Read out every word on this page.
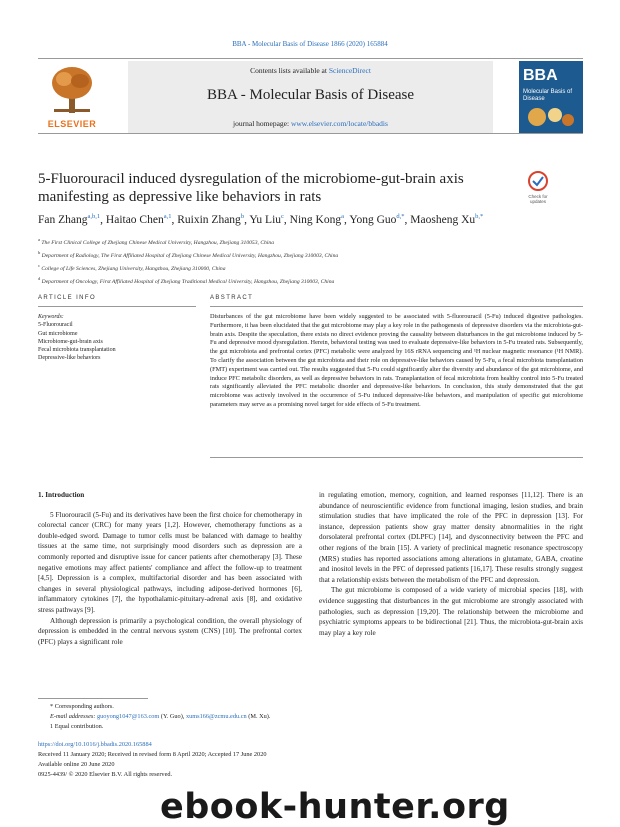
BBA - Molecular Basis of Disease 1866 (2020) 165884
ELSEVIER
Contents lists available at ScienceDirect
BBA - Molecular Basis of Disease
journal homepage: www.elsevier.com/locate/bbadis
BBA
Molecular Basis of Disease
5-Fluorouracil induced dysregulation of the microbiome-gut-brain axis manifesting as depressive like behaviors in rats	Check for
updates
Fan Zhang$^{a,b,1}$, Haitao Chen$^{a,1}$, Ruixin Zhang$^b$, Yu Liu$^c$, Ning Kong$^a$, Yong Guo$^{d,*}$, Maosheng $Xu^{b,*}$
$^a$ The First Clinical College of Zhejiang Chinese Medical University, Hangzhou, Zhejiang 310053, China
$^b$ Department of Radiology, The First Affiliated Hospital of Zhejiang Chinese Medical University, Hangzhou, Zhejiang 310003, China
$^c$ College of Life Sciences, Zhejiang University, Hangzhou, Zhejiang 310000, China
$^d$ Department of Oncology, First Affiliated Hospital of Zhejiang Traditional Medical University, Hangzhou, Zhejiang 310003, China
ARTICLE INFO	ABSTRACT
Keywords:
5-Fluorouracil
Gut microbiome
Microbiome-gut-brain axis
Fecal microbiota transplantation
Depressive-like behaviors
Disturbances of the gut microbiome have been widely suggested to be associated with 5-fluorouracil (5-Fu) induced digestive pathologies. Furthermore, it has been elucidated that the gut microbiome may play a key role in the pathogenesis of depressive disorders via the microbiota-gut-brain axis. Despite the speculation, there exists no direct evidence proving the causality between disturbances in the gut microbiome induced by 5-Fu and depressive mood dysregulation. Herein, behavioral testing was used to evaluate depressive-like behaviors in 5-Fu treated rats. Subsequently, the gut microbiota and prefrontal cortex (PFC) metabolic were analyzed by 16S rRNA sequencing and ¹H nuclear magnetic resonance (¹H NMR). To clarify the association between the gut microbiota and their role on depressive-like behaviors caused by 5-Fu, a fecal microbiota transplantation (FMT) experiment was carried out. The results suggested that 5-Fu could significantly alter the diversity and abundance of the gut microbiome, and induce PFC metabolic disorders, as well as depressive behaviors in rats. Transplantation of fecal microbiota from healthy control into 5-Fu treated rats significantly alleviated the PFC metabolic disorder and depressive-like behaviors. In conclusion, this study demonstrated that the gut microbiome was actively involved in the occurrence of 5-Fu induced depressive-like behaviors, and manipulation of specific gut microbiome parameters may serve as a promising novel target for side effects of 5-Fu treatment.
1. Introduction

5 Fluorouracil (5-Fu) and its derivatives have been the first choice for chemotherapy in colorectal cancer (CRC) for many years [1,2]. However, chemotherapy functions as a double-edged sword. Damage to tumor cells must be balanced with damage to healthy tissues at the same time, not surprisingly mood disorders such as depression are a commonly reported and disruptive issue for cancer patients after chemotherapy [3]. These negative emotions may affect patients' compliance and affect the follow-up to treatment [4,5]. Depression is a complex, multifactorial disorder and has been associated with changes in several physiological pathways, including adipose-derived hormones [6], inflammatory cytokines [7], the hypothalamic-pituitary-adrenal axis [8], and oxidative stress pathways [9].

Although depression is primarily a psychological condition, the overall physiology of depression is embedded in the central nervous system (CNS) [10]. The prefrontal cortex (PFC) plays a significant role

in regulating emotion, memory, cognition, and learned responses [11,12]. There is an abundance of neuroscientific evidence from functional imaging, lesion studies, and brain stimulation studies that have implicated the role of the PFC in depression [13]. For instance, depression patients show gray matter density abnormalities in the right dorsolateral prefrontal cortex (DLPFC) [14], and dysconnectivity between the PFC and other regions of the brain [15]. A variety of preclinical magnetic resonance spectroscopy (MRS) studies has reported associations among alterations in glutamate, GABA, creatine and inositol levels in the PFC of depressed patients [16,17]. These results strongly suggest that a relationship exists between the metabolism of the PFC and depression.

The gut microbiome is composed of a wide variety of microbial species [18], with evidence suggesting that disturbances in the gut microbiome are strongly associated with pathologies, such as depression [19,20]. The relationship between the microbiome and psychiatric symptoms appears to be bidirectional [21]. Thus, the microbiota-gut-brain axis may play a key role

* Corresponding authors.
E-mail addresses: guoyong1047@163.com (Y. Guo), xums166@zcmu.edu.cn (M. Xu).
1 Equal contribution.
https://doi.org/10.1016/j.bbadis.2020.165884
Received 11 January 2020; Received in revised form 8 April 2020; Accepted 17 June 2020
Available online 20 June 2020
0925-4439/ © 2020 Elsevier B.V. All rights reserved.
ebook-hunter.org
